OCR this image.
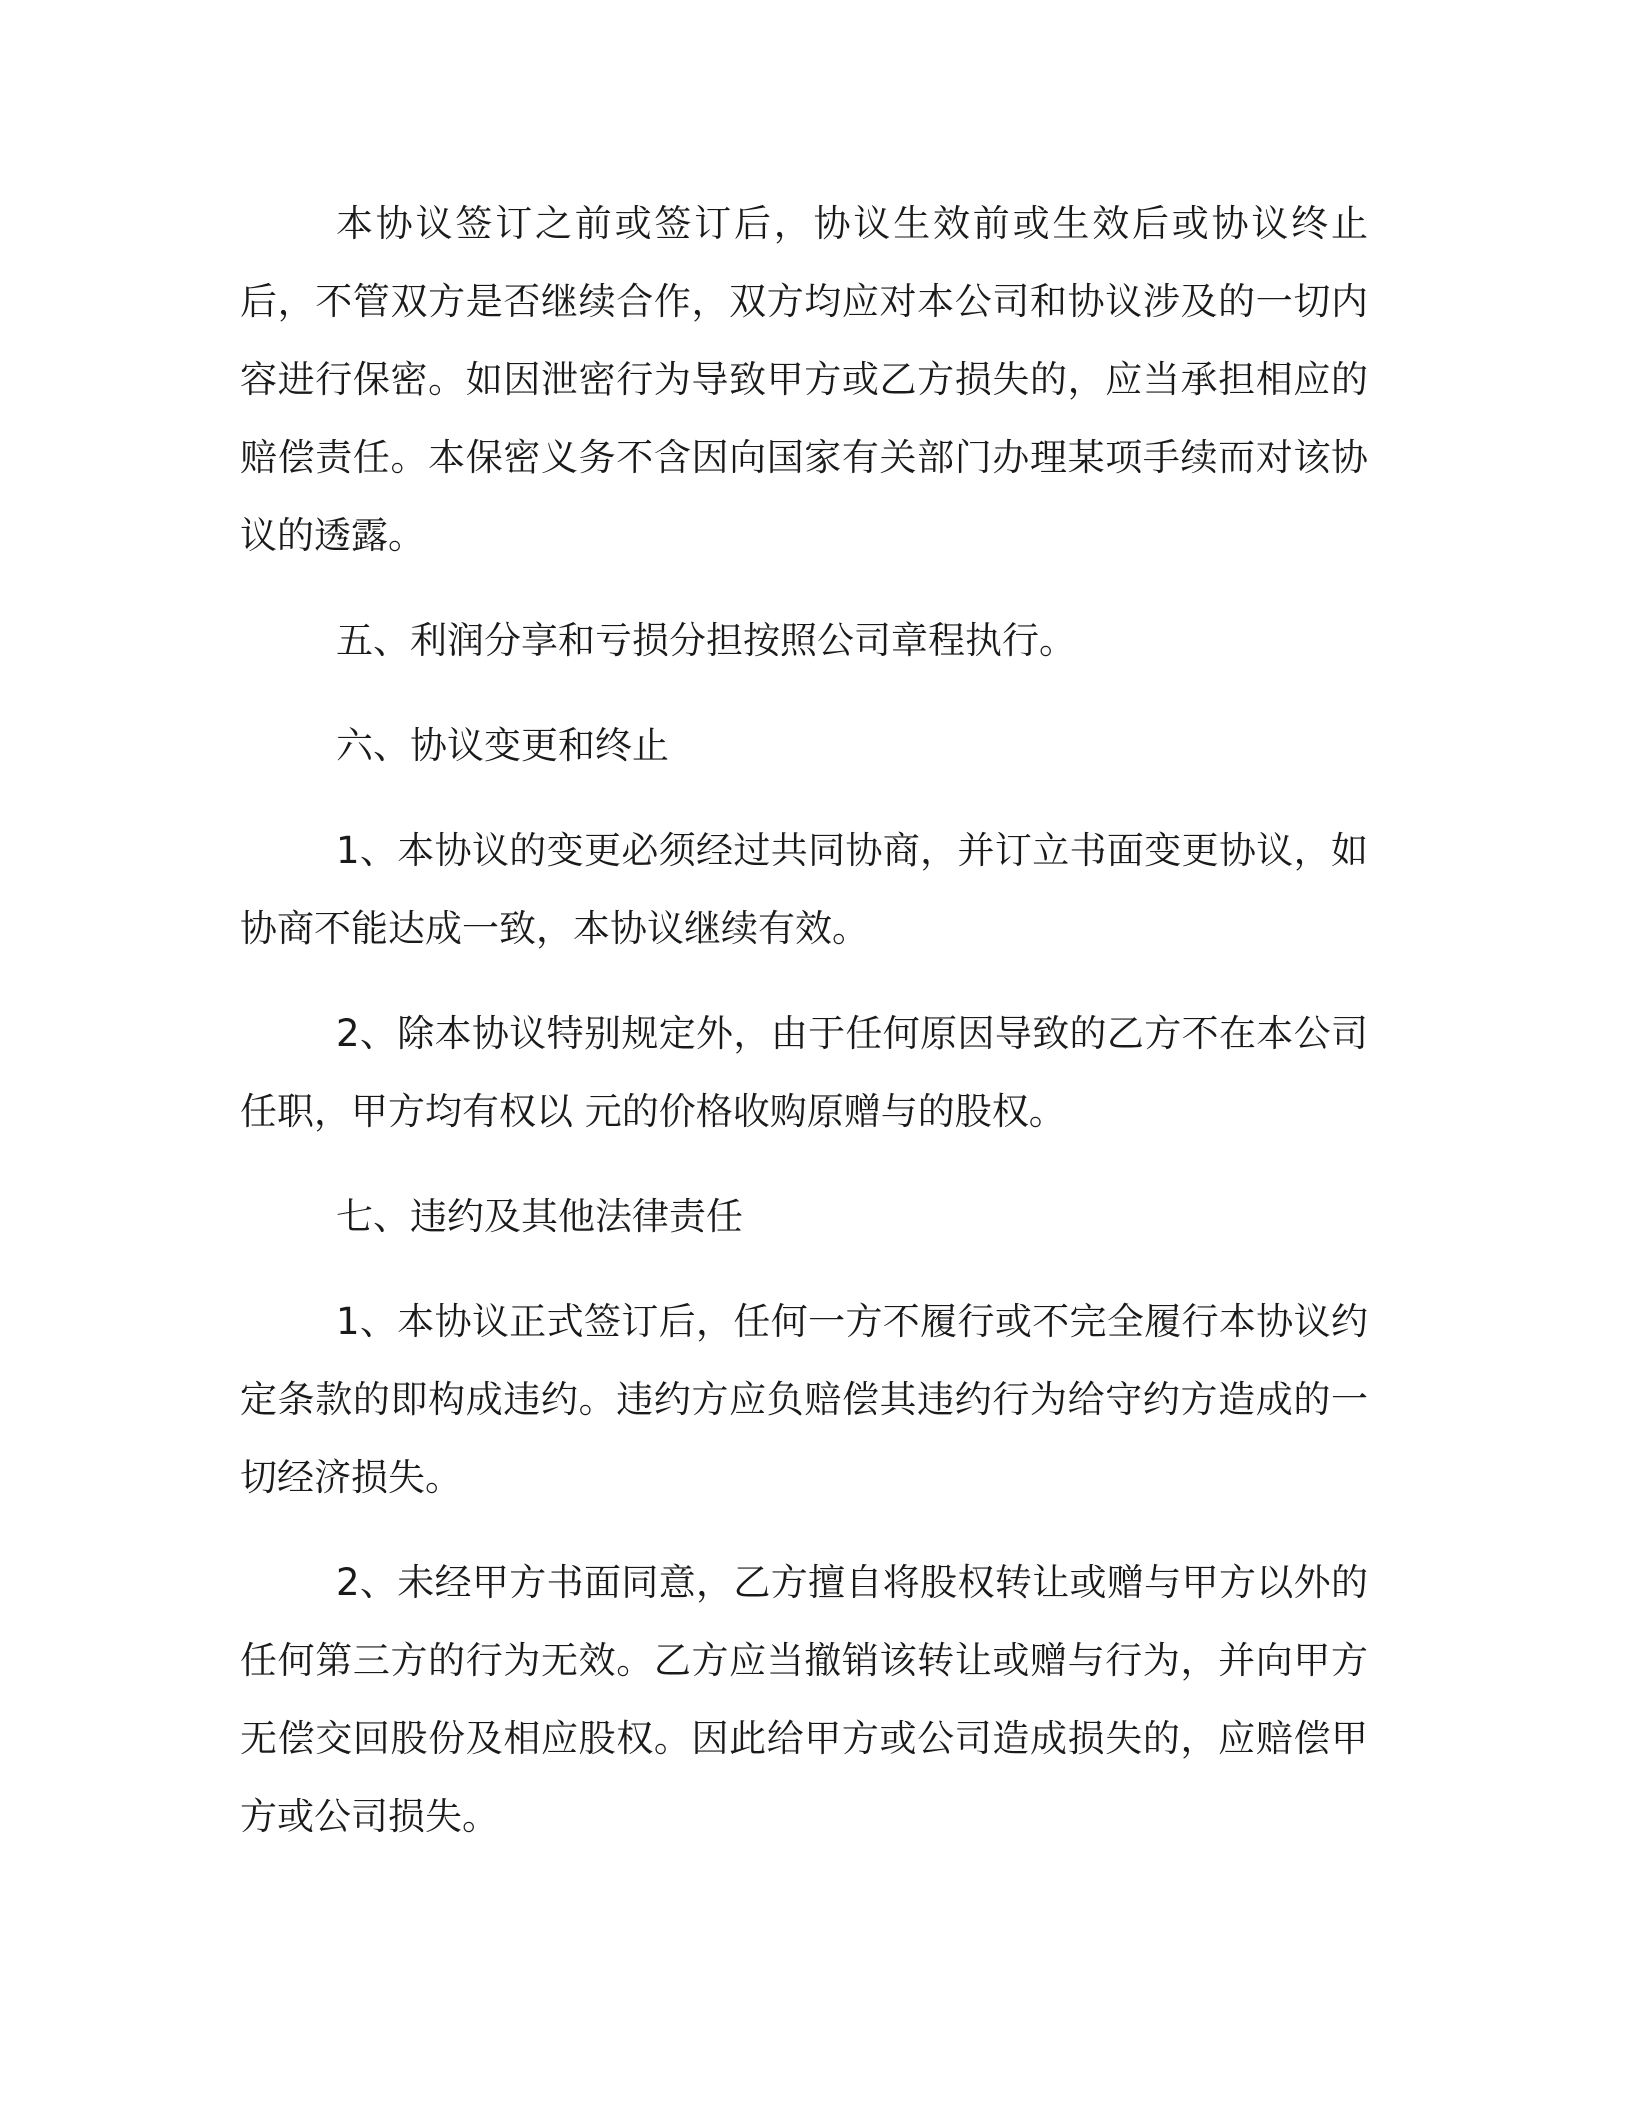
本协议签订之前或签订后，协议生效前或生效后或协议终止后，不管双方是否继续合作，双方均应对本公司和协议涉及的一切内容进行保密。如因泄密行为导致甲方或乙方损失的，应当承担相应的赔偿责任。本保密义务不含因向国家有关部门办理某项手续而对该协议的透露。

五、利润分享和亏损分担按照公司章程执行。

六、协议变更和终止

1、本协议的变更必须经过共同协商，并订立书面变更协议，如协商不能达成一致，本协议继续有效。

2、除本协议特别规定外，由于任何原因导致的乙方不在本公司任职，甲方均有权以 元的价格收购原赠与的股权。

七、违约及其他法律责任

1、本协议正式签订后，任何一方不履行或不完全履行本协议约定条款的即构成违约。违约方应负赔偿其违约行为给守约方造成的一切经济损失。

2、未经甲方书面同意，乙方擅自将股权转让或赠与甲方以外的任何第三方的行为无效。乙方应当撤销该转让或赠与行为，并向甲方无偿交回股份及相应股权。因此给甲方或公司造成损失的，应赔偿甲方或公司损失。
